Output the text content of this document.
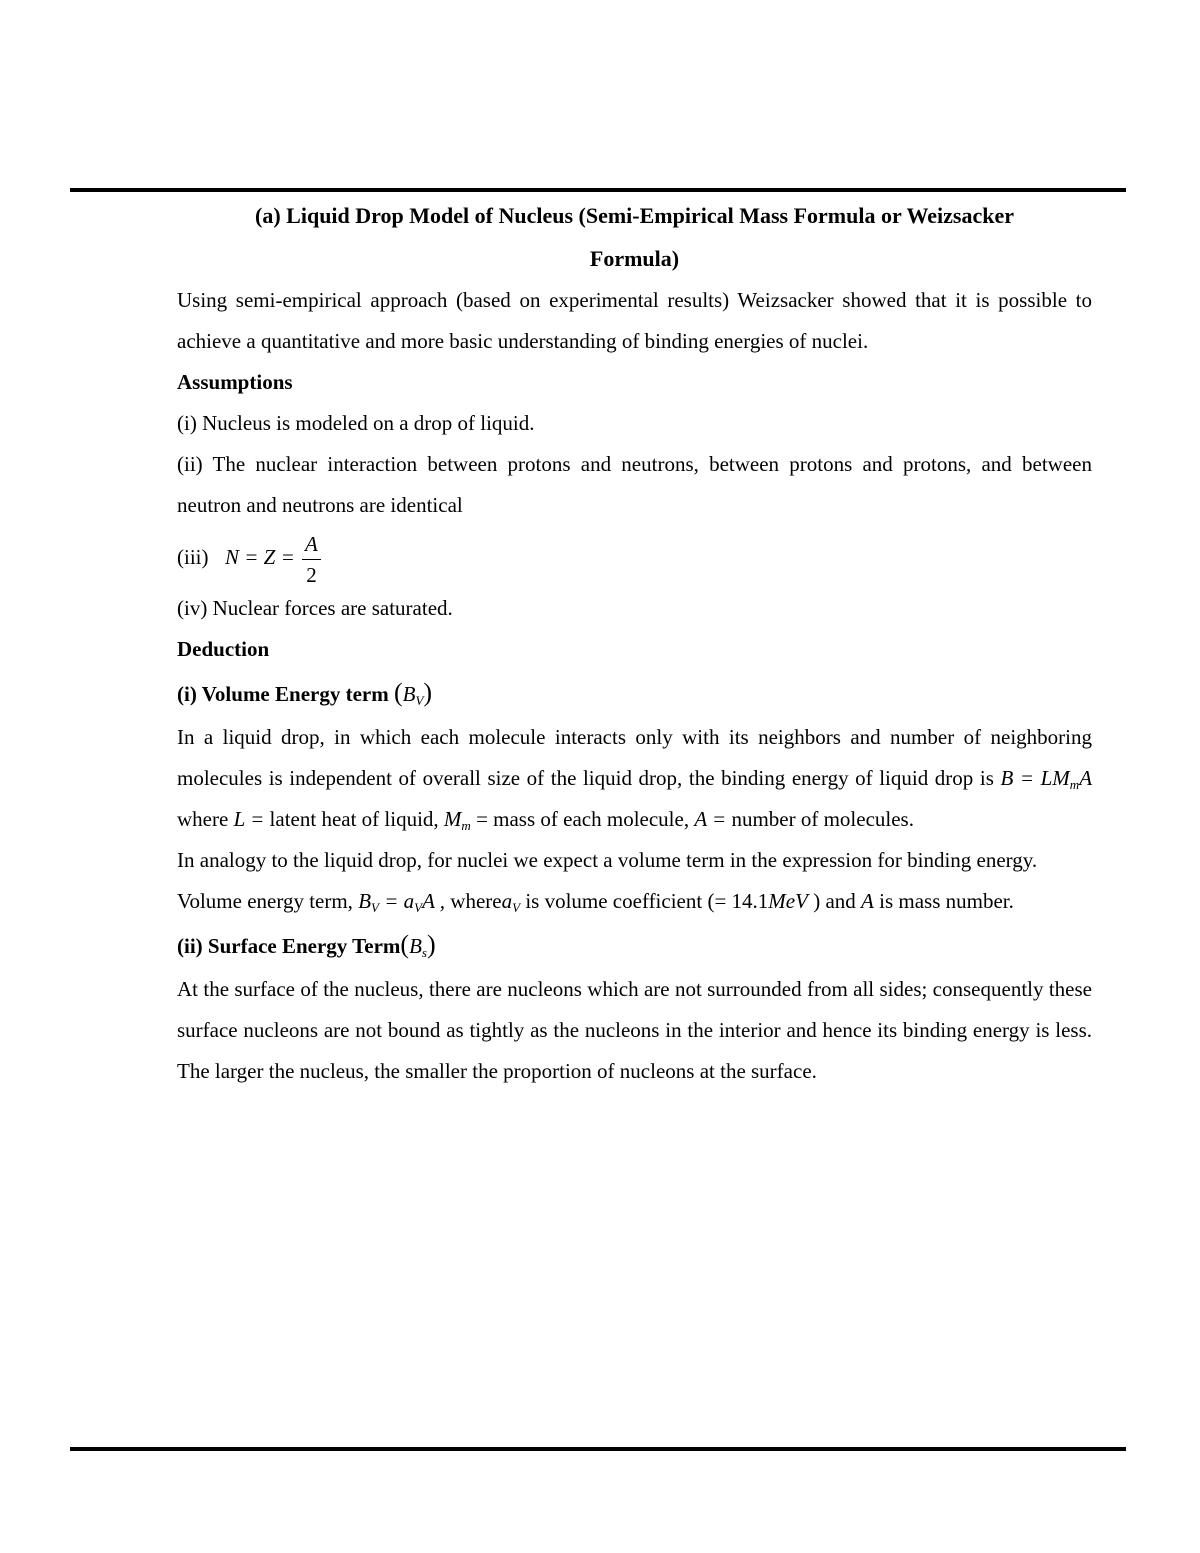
(a) Liquid Drop Model of Nucleus (Semi-Empirical Mass Formula or Weizsacker
Formula)

Using semi-empirical approach (based on experimental results) Weizsacker showed that it is possible to achieve a quantitative and more basic understanding of binding energies of nuclei.

Assumptions

(i) Nucleus is modeled on a drop of liquid.

(ii) The nuclear interaction between protons and neutrons, between protons and protons, and between neutron and neutrons are identical

(iii) $N = Z = \frac{A}{2}$

(iv) Nuclear forces are saturated.

Deduction

(i) Volume Energy term $(B_V)$

In a liquid drop, in which each molecule interacts only with its neighbors and number of neighboring molecules is independent of overall size of the liquid drop, the binding energy of liquid drop is $B = LM_mA$ where L = latent heat of liquid, $M_m$ = mass of each molecule, A = number of molecules.

In analogy to the liquid drop, for nuclei we expect a volume term in the expression for binding energy.

Volume energy term, $B_V = a_VA$ , wherea$_V$ is volume coefficient (= 14.1MeV ) and A is mass number.

(ii) Surface Energy $Term(B_s)$

At the surface of the nucleus, there are nucleons which are not surrounded from all sides; consequently these surface nucleons are not bound as tightly as the nucleons in the interior and hence its binding energy is less. The larger the nucleus, the smaller the proportion of nucleons at the surface.
